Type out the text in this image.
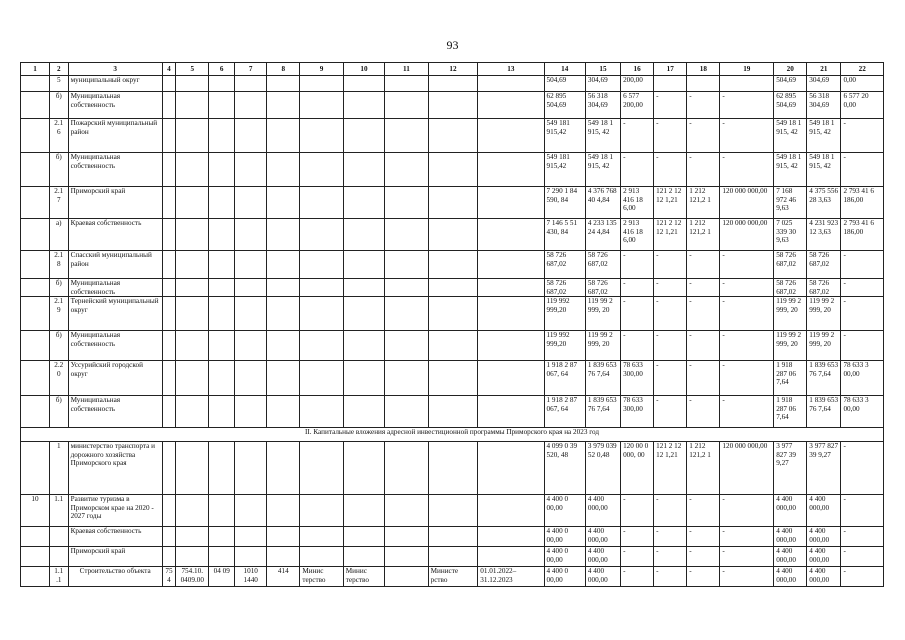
93
1	2	3	4	5	6	7	8	9	10	11	12	13	14	15	16	17	18	19	20	21	22
	5	муниципальный округ											504,69	304,69	200,00				504,69	304,69	0,00
	б)	Муниципальная собственность											62 895 504,69	56 318 304,69	6 577 200,00	-	-	-	62 895 504,69	56 318 304,69	6 577 20 0,00
	2.1 6	Пожарский муниципальный район											549 181 915,42	549 18 1 915, 42	-	-	-	-	549 18 1 915, 42	549 18 1 915, 42	-
	б)	Муниципальная собственность											549 181 915,42	549 18 1 915, 42	-	-	-	-	549 18 1 915, 42	549 18 1 915, 42	-
	2.1 7	Приморский край											7 290 1 84 590, 84	4 376 768 40 4,84	2 913 416 18 6,00	121 2 12 12 1,21	1 212 121,2 1	120 000 000,00	7 168 972 46 9,63	4 375 556 28 3,63	2 793 41 6 186,00
	а)	Краевая собственность											7 146 5 51 430, 84	4 233 135 24 4,84	2 913 416 18 6,00	121 2 12 12 1,21	1 212 121,2 1	120 000 000,00	7 025 339 30 9,63	4 231 923 12 3,63	2 793 41 6 186,00
	2.1 8	Спасский муниципальный район											58 726 687,02	58 726 687,02	-	-	-	-	58 726 687,02	58 726 687,02	-
	б)	Муниципальная собственность											58 726 687,02	58 726 687,02	-	-	-	-	58 726 687,02	58 726 687,02	-
	2.1 9	Тернейский муниципальный округ											119 992 999,20	119 99 2 999, 20	-	-	-	-	119 99 2 999, 20	119 99 2 999, 20	-
	б)	Муниципальная собственность											119 992 999,20	119 99 2 999, 20	-	-	-	-	119 99 2 999, 20	119 99 2 999, 20	-
	2.2 0	Уссурийский городской округ											1 918 2 87 067, 64	1 839 653 76 7,64	78 633 300,00	-	-	-	1 918 287 06 7,64	1 839 653 76 7,64	78 633 3 00,00
	б)	Муниципальная собственность											1 918 2 87 067, 64	1 839 653 76 7,64	78 633 300,00	-	-	-	1 918 287 06 7,64	1 839 653 76 7,64	78 633 3 00,00
II. Капитальные вложения адресной инвестиционной программы Приморского края на 2023 год																					
	1	министерство транспорта и дорожного хозяйства Приморского края											4 099 0 39 520, 48	3 979 039 52 0,48	120 00 0 000, 00	121 2 12 12 1,21	1 212 121,2 1	120 000 000,00	3 977 827 39 9,27	3 977 827 39 9,27	-
10	1.1	Развитие туризма в Приморском крае на 2020 - 2027 годы											4 400 0 00,00	4 400 000,00	-	-	-	-	4 400 000,00	4 400 000,00	-
		Краевая собственность											4 400 0 00,00	4 400 000,00	-	-	-	-	4 400 000,00	4 400 000,00	-
		Приморский край											4 400 0 00,00	4 400 000,00	-	-	-	-	4 400 000,00	4 400 000,00	-
	1.1 .1	Строительство объекта	75 4	754.10. 0409.00	04 09	1010 1440	414	Минис терство	Минис терство		Министе рство	01.01.2022– 31.12.2023	4 400 0 00,00	4 400 000,00	-	-	-	-	4 400 000,00	4 400 000,00	-
